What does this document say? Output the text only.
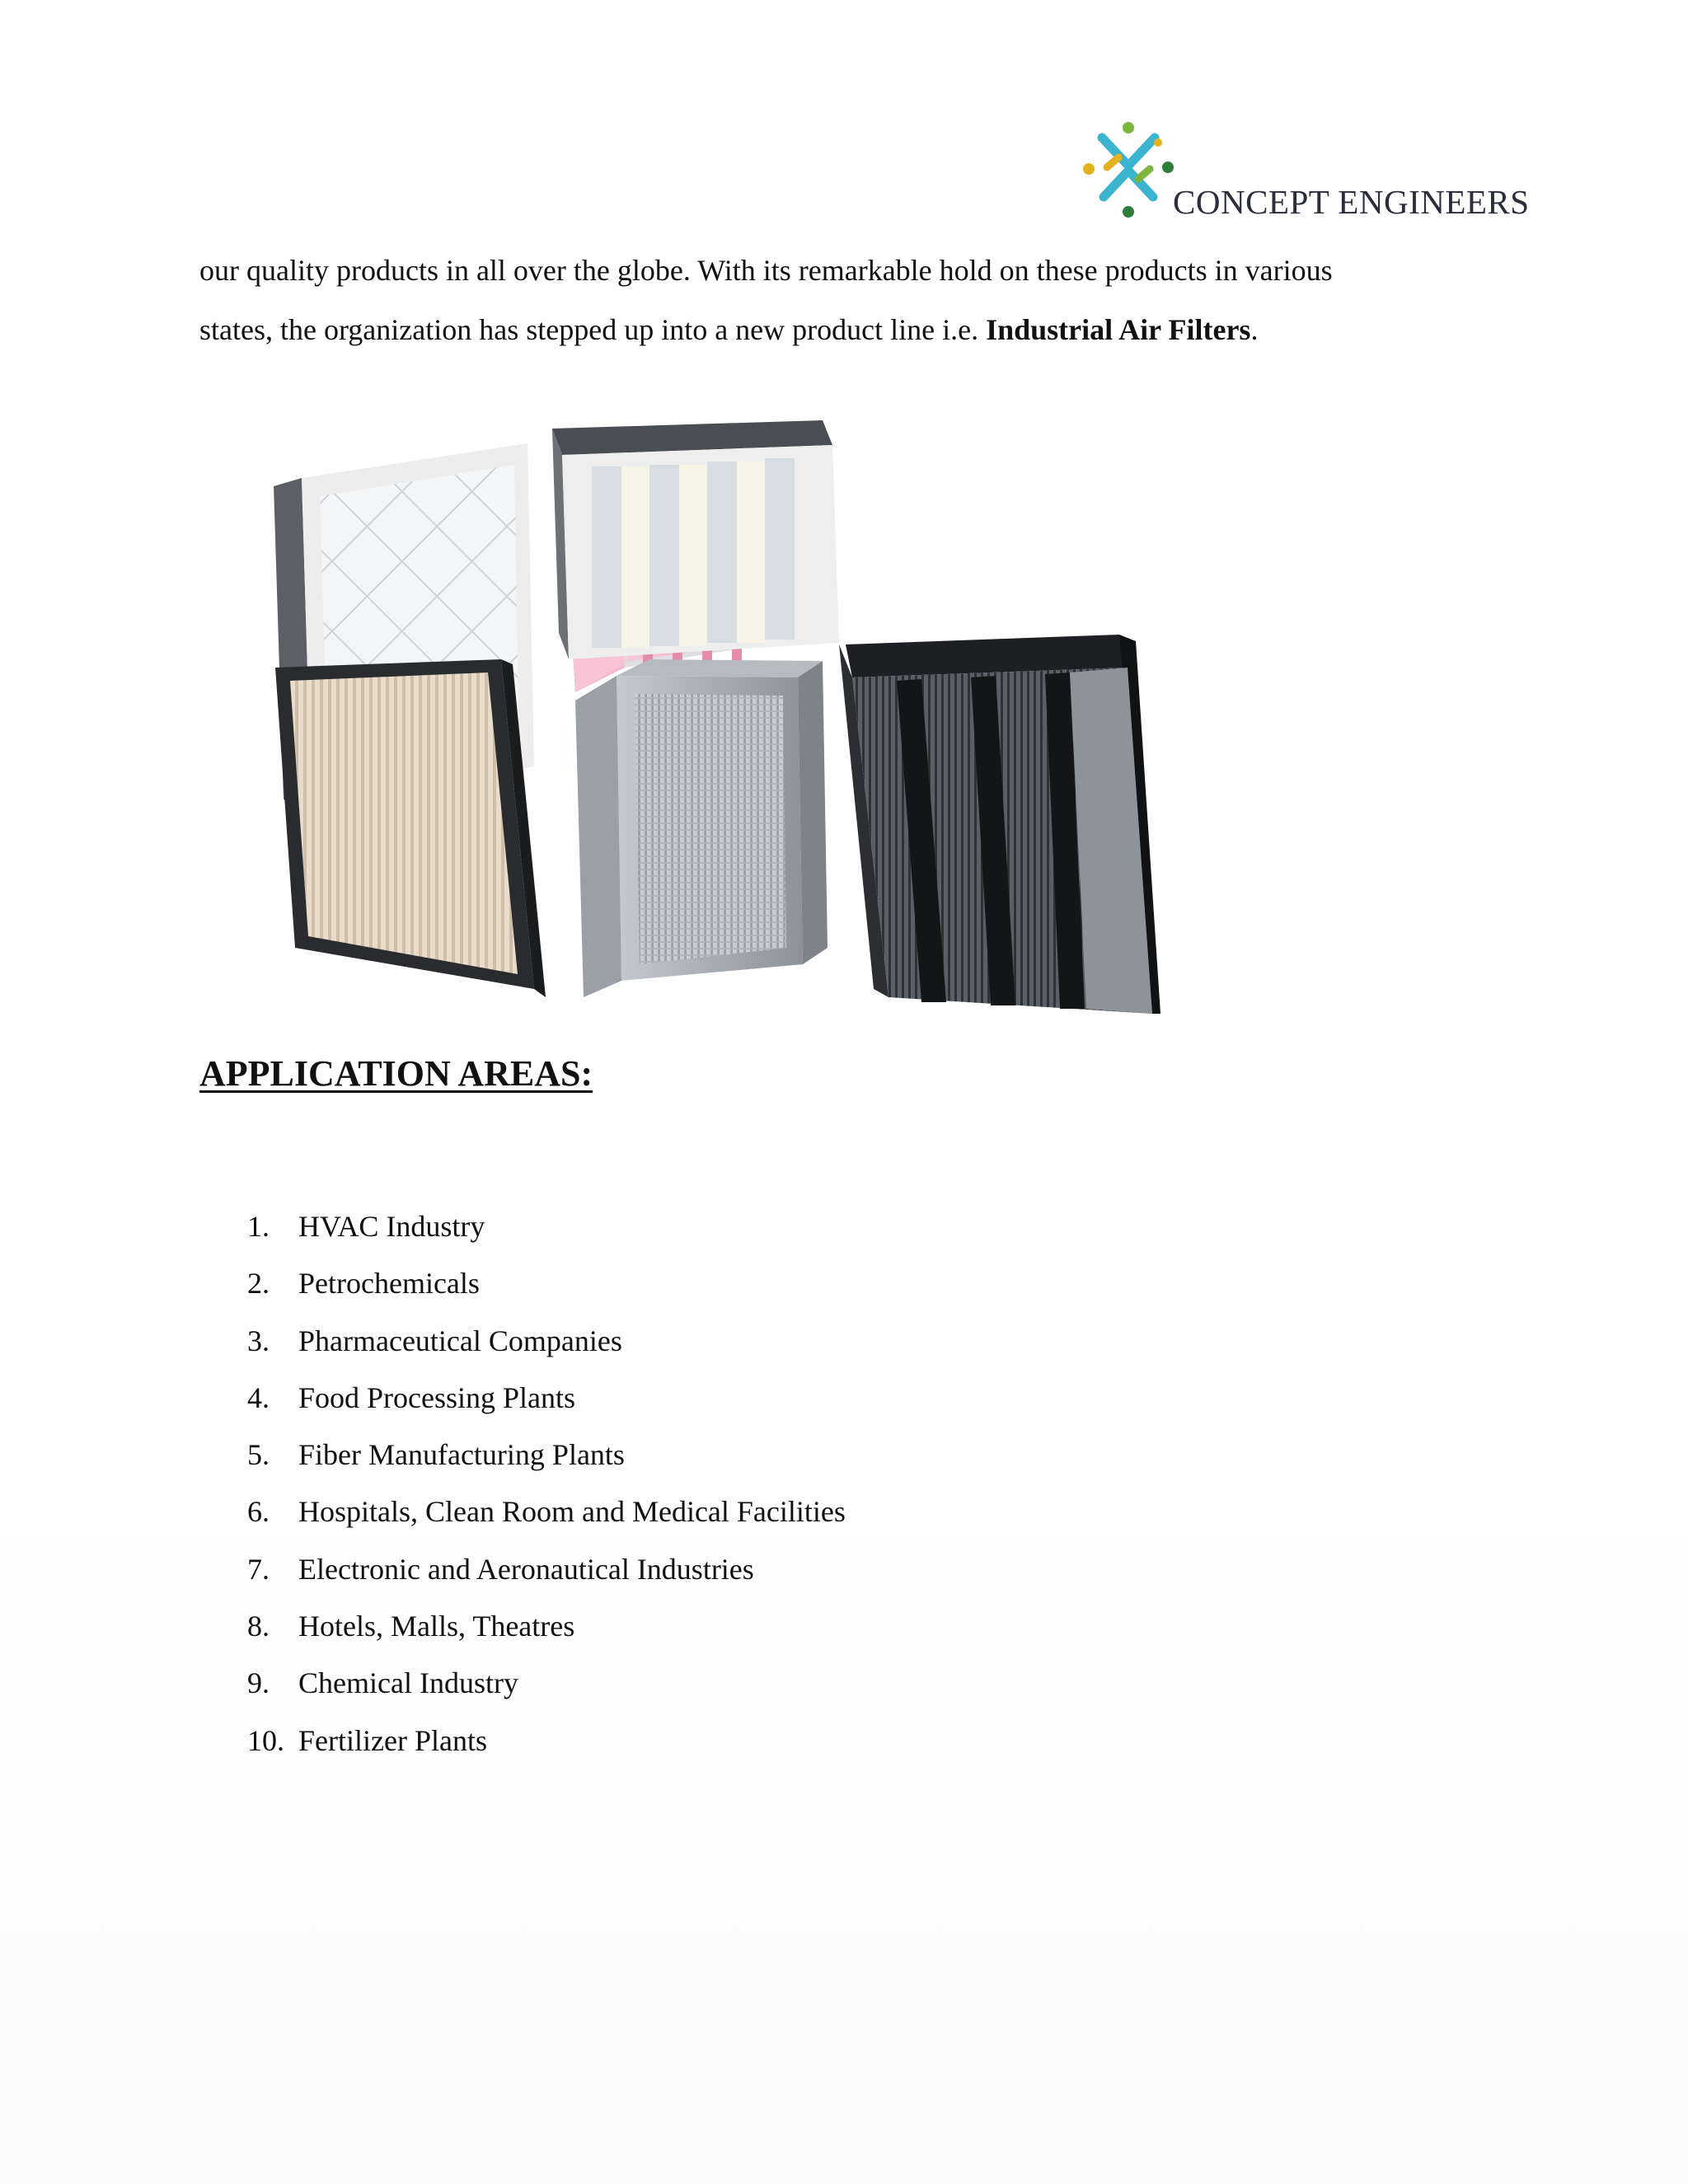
CONCEPT ENGINEERS

our quality products in all over the globe. With its remarkable hold on these products in various

states, the organization has stepped up into a new product line i.e. Industrial Air Filters.

APPLICATION AREAS:
1. HVAC Industry
2. Petrochemicals
3. Pharmaceutical Companies
4. Food Processing Plants
5. Fiber Manufacturing Plants
6. Hospitals, Clean Room and Medical Facilities
7. Electronic and Aeronautical Industries
8. Hotels, Malls, Theatres
9. Chemical Industry
10. Fertilizer Plants
